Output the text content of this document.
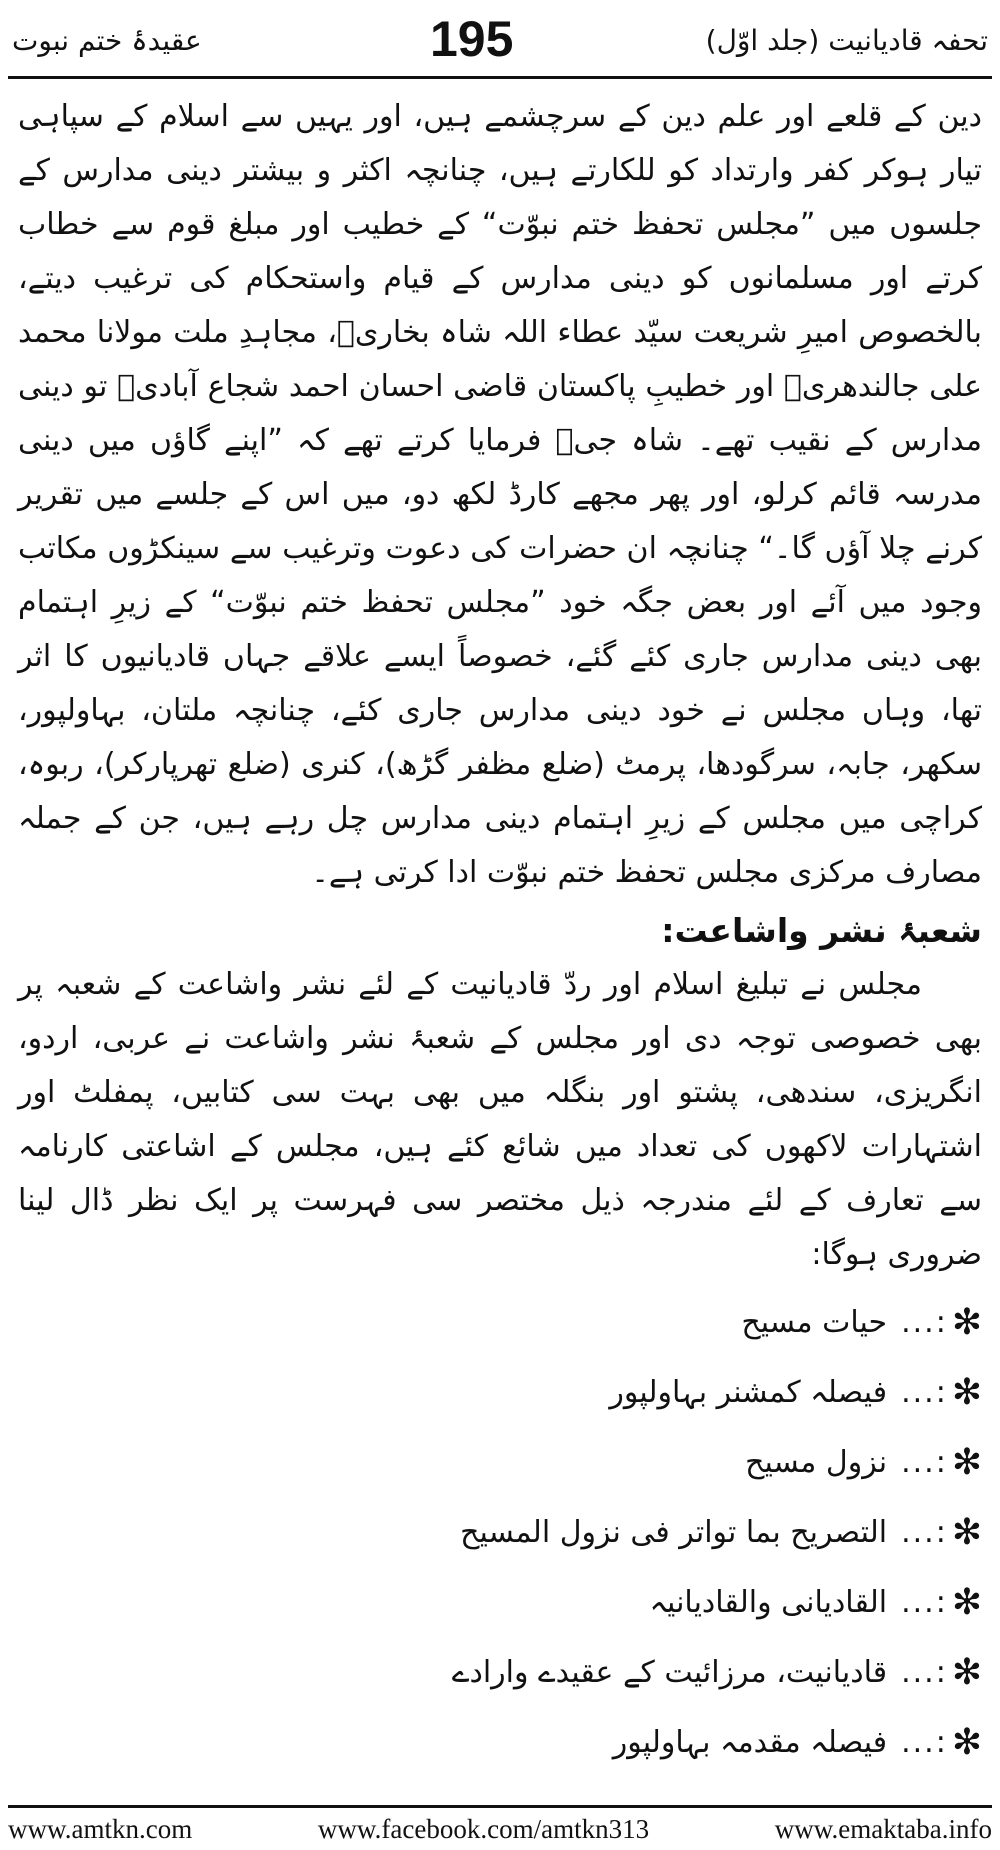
عقیدۂ ختم نبوت	195	تحفہ قادیانیت (جلد اوّل)

دین کے قلعے اور علم دین کے سرچشمے ہیں، اور یہیں سے اسلام کے سپاہی تیار ہوکر کفر وارتداد کو للکارتے ہیں، چنانچہ اکثر و بیشتر دینی مدارس کے جلسوں میں ”مجلس تحفظ ختم نبوّت“ کے خطیب اور مبلغ قوم سے خطاب کرتے اور مسلمانوں کو دینی مدارس کے قیام واستحکام کی ترغیب دیتے، بالخصوص امیرِ شریعت سیّد عطاء اللہ شاہ بخاریؒ، مجاہدِ ملت مولانا محمد علی جالندھریؒ اور خطیبِ پاکستان قاضی احسان احمد شجاع آبادیؒ تو دینی مدارس کے نقیب تھے۔ شاہ جیؒ فرمایا کرتے تھے کہ ”اپنے گاؤں میں دینی مدرسہ قائم کرلو، اور پھر مجھے کارڈ لکھ دو، میں اس کے جلسے میں تقریر کرنے چلا آؤں گا۔“ چنانچہ ان حضرات کی دعوت وترغیب سے سینکڑوں مکاتب وجود میں آئے اور بعض جگہ خود ”مجلس تحفظ ختم نبوّت“ کے زیرِ اہتمام بھی دینی مدارس جاری کئے گئے، خصوصاً ایسے علاقے جہاں قادیانیوں کا اثر تھا، وہاں مجلس نے خود دینی مدارس جاری کئے، چنانچہ ملتان، بہاولپور، سکھر، جابہ، سرگودھا، پرمٹ (ضلع مظفر گڑھ)، کنری (ضلع تھرپارکر)، ربوہ، کراچی میں مجلس کے زیرِ اہتمام دینی مدارس چل رہے ہیں، جن کے جملہ مصارف مرکزی مجلس تحفظ ختم نبوّت ادا کرتی ہے۔

شعبۂ نشر واشاعت:

مجلس نے تبلیغ اسلام اور ردّ قادیانیت کے لئے نشر واشاعت کے شعبہ پر بھی خصوصی توجہ دی اور مجلس کے شعبۂ نشر واشاعت نے عربی، اردو، انگریزی، سندھی، پشتو اور بنگلہ میں بھی بہت سی کتابیں، پمفلٹ اور اشتہارات لاکھوں کی تعداد میں شائع کئے ہیں، مجلس کے اشاعتی کارنامہ سے تعارف کے لئے مندرجہ ذیل مختصر سی فہرست پر ایک نظر ڈال لینا ضروری ہوگا:

✻
:...
حیات مسیح
✻
:...
فیصلہ کمشنر بہاولپور
✻
:...
نزول مسیح
✻
:...
التصریح بما تواتر فی نزول المسیح
✻
:...
القادیانی والقادیانیہ
✻
:...
قادیانیت، مرزائیت کے عقیدے وارادے
✻
:...
فیصلہ مقدمہ بہاولپور
www.amtkn.com	www.facebook.com/amtkn313	www.emaktaba.info
